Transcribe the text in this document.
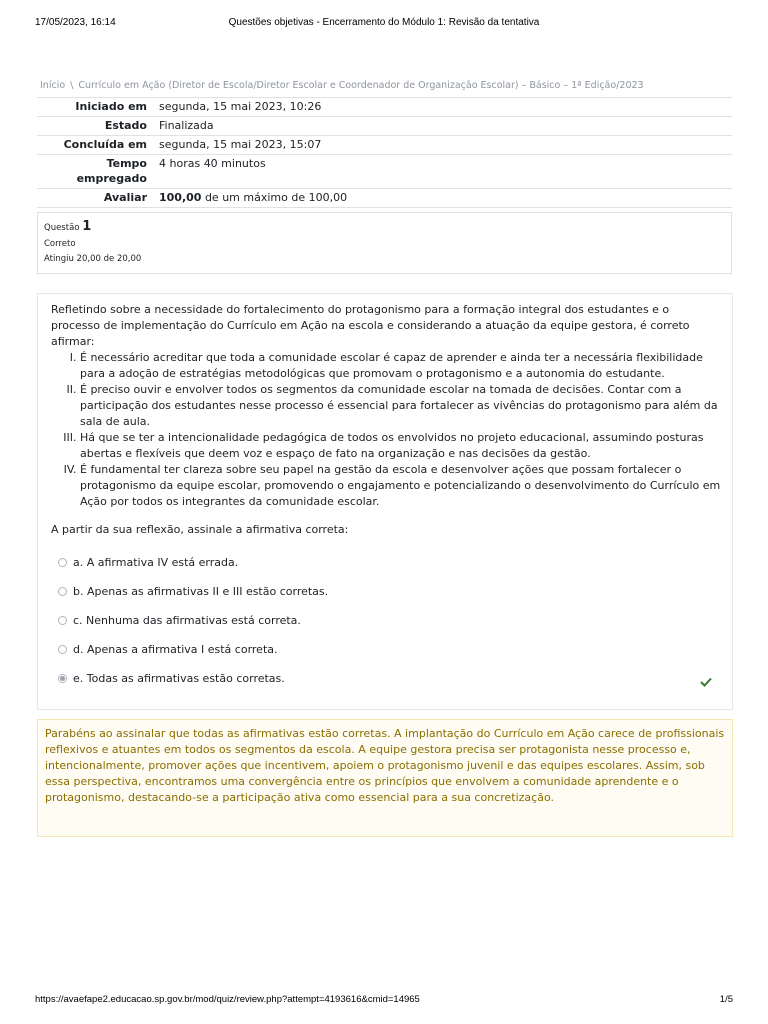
17/05/2023, 16:14	Questões objetivas - Encerramento do Módulo 1: Revisão da tentativa
Início \ Currículo em Ação (Diretor de Escola/Diretor Escolar e Coordenador de Organização Escolar) – Básico – 1ª Edição/2023
Iniciado em	segunda, 15 mai 2023, 10:26
Estado	Finalizada
Concluída em	segunda, 15 mai 2023, 15:07
Tempo
empregado	4 horas 40 minutos
Avaliar	100,00 de um máximo de 100,00
Questão 1
Correto
Atingiu 20,00 de 20,00

Refletindo sobre a necessidade do fortalecimento do protagonismo para a formação integral dos estudantes e o processo de implementação do Currículo em Ação na escola e considerando a atuação da equipe gestora, é correto afirmar:

I. É necessário acreditar que toda a comunidade escolar é capaz de aprender e ainda ter a necessária flexibilidade para a adoção de estratégias metodológicas que promovam o protagonismo e a autonomia do estudante.
II. É preciso ouvir e envolver todos os segmentos da comunidade escolar na tomada de decisões. Contar com a participação dos estudantes nesse processo é essencial para fortalecer as vivências do protagonismo para além da sala de aula.
III. Há que se ter a intencionalidade pedagógica de todos os envolvidos no projeto educacional, assumindo posturas abertas e flexíveis que deem voz e espaço de fato na organização e nas decisões da gestão.
IV. É fundamental ter clareza sobre seu papel na gestão da escola e desenvolver ações que possam fortalecer o protagonismo da equipe escolar, promovendo o engajamento e potencializando o desenvolvimento do Currículo em Ação por todos os integrantes da comunidade escolar.
A partir da sua reflexão, assinale a afirmativa correta:
a. A afirmativa IV está errada.
b. Apenas as afirmativas II e III estão corretas.
c. Nenhuma das afirmativas está correta.
d. Apenas a afirmativa I está correta.
e. Todas as afirmativas estão corretas.
Parabéns ao assinalar que todas as afirmativas estão corretas. A implantação do Currículo em Ação carece de profissionais reflexivos e atuantes em todos os segmentos da escola. A equipe gestora precisa ser protagonista nesse processo e, intencionalmente, promover ações que incentivem, apoiem o protagonismo juvenil e das equipes escolares. Assim, sob essa perspectiva, encontramos uma convergência entre os princípios que envolvem a comunidade aprendente e o protagonismo, destacando-se a participação ativa como essencial para a sua concretização.
https://avaefape2.educacao.sp.gov.br/mod/quiz/review.php?attempt=4193616&cmid=14965	1/5
